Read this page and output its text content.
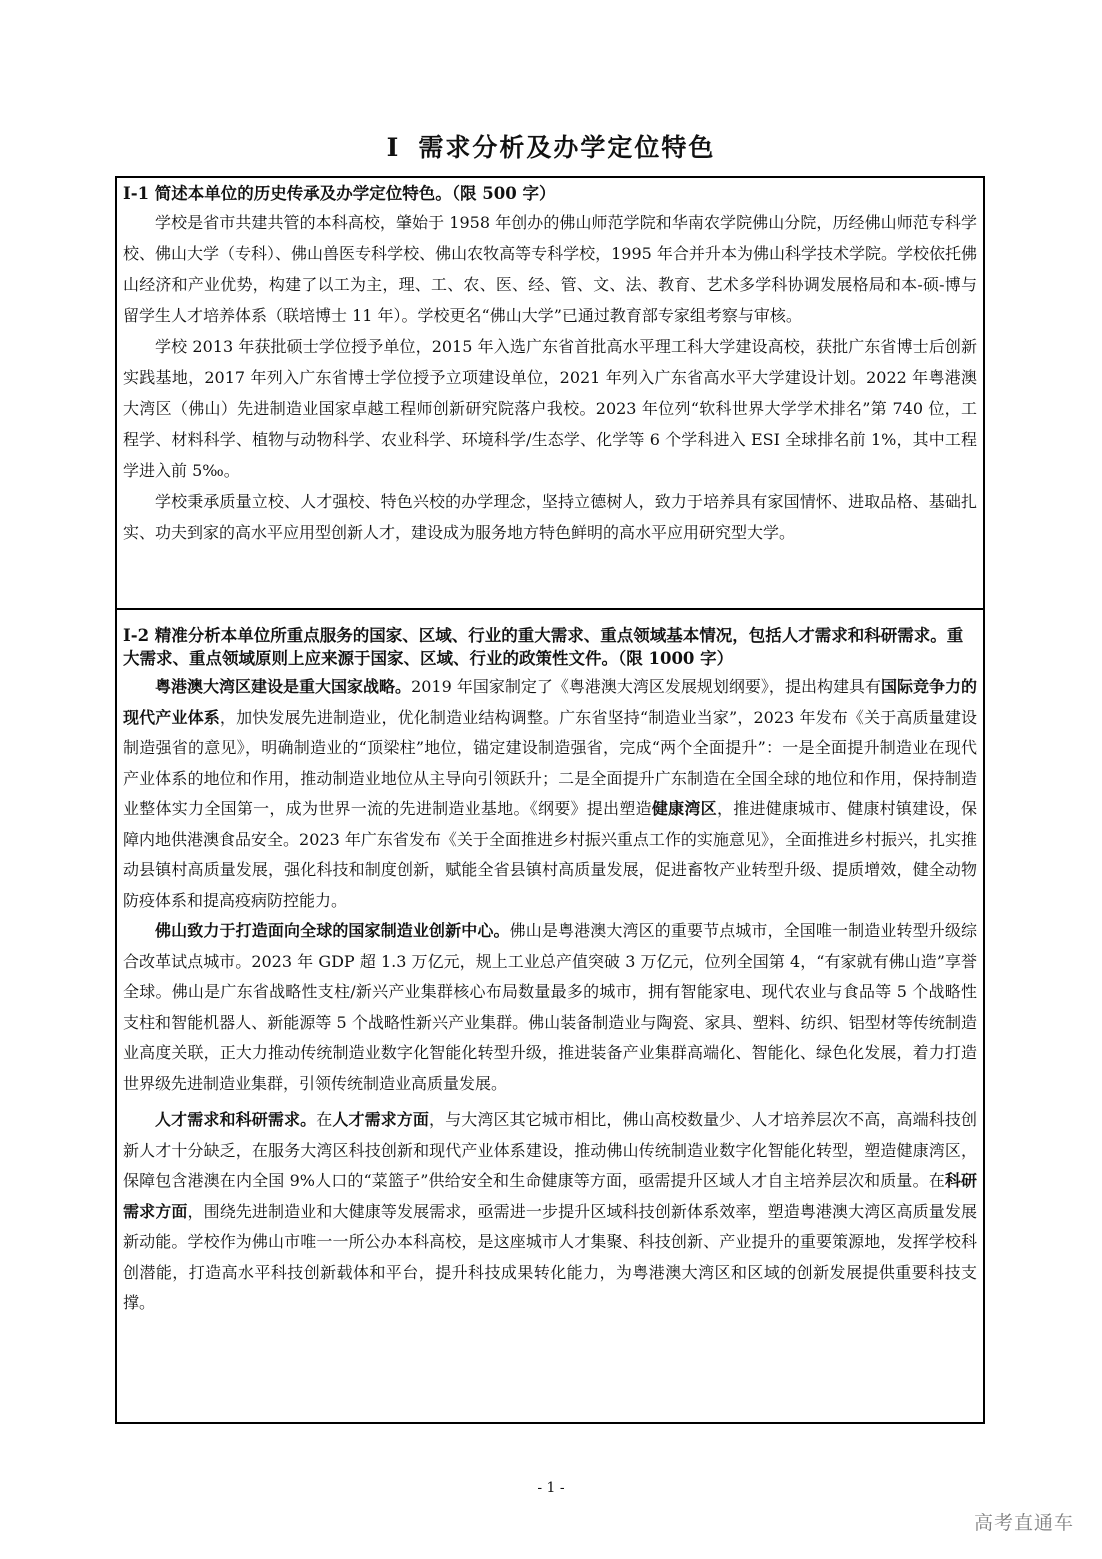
I 需求分析及办学定位特色
I-1 简述本单位的历史传承及办学定位特色。（限 500 字）

学校是省市共建共管的本科高校，肇始于 1958 年创办的佛山师范学院和华南农学院佛山分院，历经佛山师范专科学校、佛山大学（专科）、佛山兽医专科学校、佛山农牧高等专科学校，1995 年合并升本为佛山科学技术学院。学校依托佛山经济和产业优势，构建了以工为主，理、工、农、医、经、管、文、法、教育、艺术多学科协调发展格局和本-硕-博与留学生人才培养体系（联培博士 11 年）。学校更名“佛山大学”已通过教育部专家组考察与审核。

学校 2013 年获批硕士学位授予单位，2015 年入选广东省首批高水平理工科大学建设高校，获批广东省博士后创新实践基地，2017 年列入广东省博士学位授予立项建设单位，2021 年列入广东省高水平大学建设计划。2022 年粤港澳大湾区（佛山）先进制造业国家卓越工程师创新研究院落户我校。2023 年位列“软科世界大学学术排名”第 740 位，工程学、材料科学、植物与动物科学、农业科学、环境科学/生态学、化学等 6 个学科进入 ESI 全球排名前 1%，其中工程学进入前 5‰。

学校秉承质量立校、人才强校、特色兴校的办学理念，坚持立德树人，致力于培养具有家国情怀、进取品格、基础扎实、功夫到家的高水平应用型创新人才，建设成为服务地方特色鲜明的高水平应用研究型大学。

I-2 精准分析本单位所重点服务的国家、区域、行业的重大需求、重点领域基本情况，包括人才需求和科研需求。重大需求、重点领域原则上应来源于国家、区域、行业的政策性文件。（限 1000 字）

粤港澳大湾区建设是重大国家战略。2019 年国家制定了《粤港澳大湾区发展规划纲要》，提出构建具有国际竞争力的现代产业体系，加快发展先进制造业，优化制造业结构调整。广东省坚持“制造业当家”，2023 年发布《关于高质量建设制造强省的意见》，明确制造业的“顶梁柱”地位，锚定建设制造强省，完成“两个全面提升”：一是全面提升制造业在现代产业体系的地位和作用，推动制造业地位从主导向引领跃升；二是全面提升广东制造在全国全球的地位和作用，保持制造业整体实力全国第一，成为世界一流的先进制造业基地。《纲要》提出塑造健康湾区，推进健康城市、健康村镇建设，保障内地供港澳食品安全。2023 年广东省发布《关于全面推进乡村振兴重点工作的实施意见》，全面推进乡村振兴，扎实推动县镇村高质量发展，强化科技和制度创新，赋能全省县镇村高质量发展，促进畜牧产业转型升级、提质增效，健全动物防疫体系和提高疫病防控能力。

佛山致力于打造面向全球的国家制造业创新中心。佛山是粤港澳大湾区的重要节点城市，全国唯一制造业转型升级综合改革试点城市。2023 年 GDP 超 1.3 万亿元，规上工业总产值突破 3 万亿元，位列全国第 4，“有家就有佛山造”享誉全球。佛山是广东省战略性支柱/新兴产业集群核心布局数量最多的城市，拥有智能家电、现代农业与食品等 5 个战略性支柱和智能机器人、新能源等 5 个战略性新兴产业集群。佛山装备制造业与陶瓷、家具、塑料、纺织、铝型材等传统制造业高度关联，正大力推动传统制造业数字化智能化转型升级，推进装备产业集群高端化、智能化、绿色化发展，着力打造世界级先进制造业集群，引领传统制造业高质量发展。

人才需求和科研需求。在人才需求方面，与大湾区其它城市相比，佛山高校数量少、人才培养层次不高，高端科技创新人才十分缺乏，在服务大湾区科技创新和现代产业体系建设，推动佛山传统制造业数字化智能化转型，塑造健康湾区，保障包含港澳在内全国 9%人口的“菜篮子”供给安全和生命健康等方面，亟需提升区域人才自主培养层次和质量。在科研需求方面，围绕先进制造业和大健康等发展需求，亟需进一步提升区域科技创新体系效率，塑造粤港澳大湾区高质量发展新动能。学校作为佛山市唯一一所公办本科高校，是这座城市人才集聚、科技创新、产业提升的重要策源地，发挥学校科创潜能，打造高水平科技创新载体和平台，提升科技成果转化能力，为粤港澳大湾区和区域的创新发展提供重要科技支撑。

- 1 -
高考直通车
